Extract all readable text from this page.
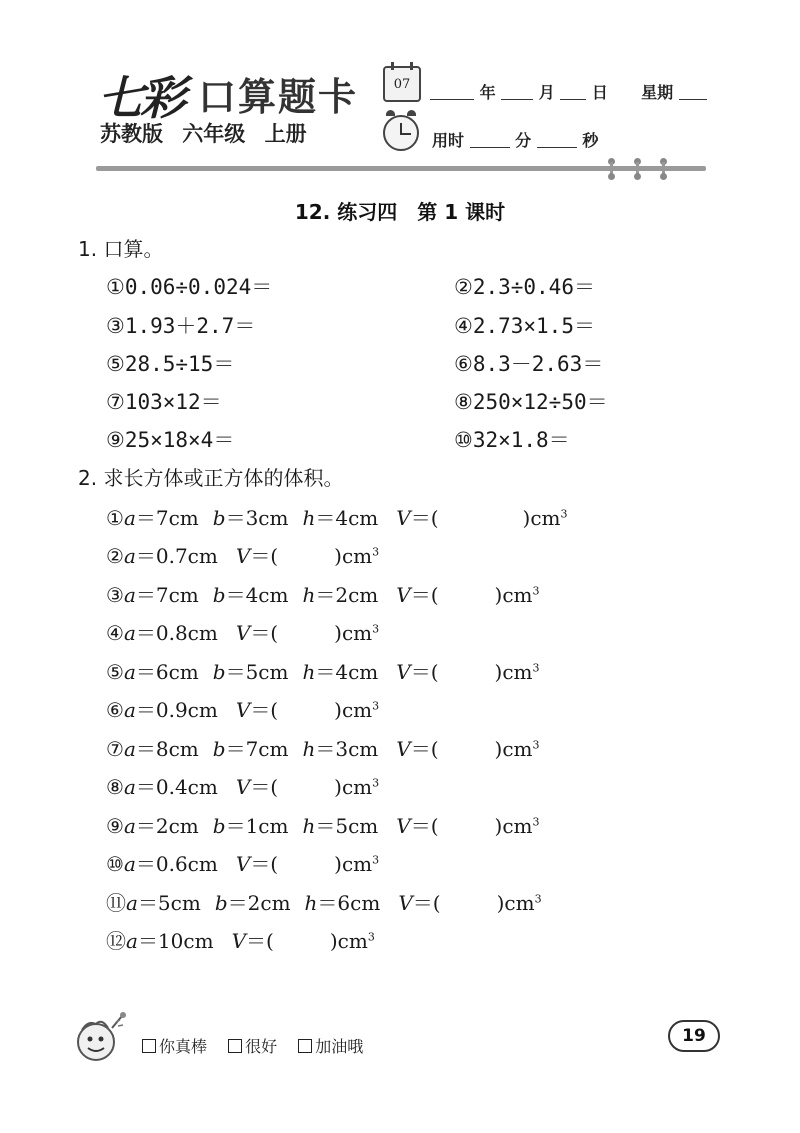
七彩 口算题卡
苏教版 六年级 上册
07	年	月 日 星期
用时	分	秒
12. 练习四　第 1 课时
1. 口算。
①0.06÷0.024＝	②2.3÷0.46＝
③1.93＋2.7＝	④2.73×1.5＝
⑤28.5÷15＝	⑥8.3－2.63＝
⑦103×12＝	⑧250×12÷50＝
⑨25×18×4＝	⑩32×1.8＝
2. 求长方体或正方体的体积。
①a＝7cm b＝3cm h＝4cm V＝(	)$cm^3$
②a＝0.7cm V＝(	)$cm^3$
③a＝7cm b＝4cm h＝2cm V＝(	)$cm^3$
④a＝0.8cm V＝(	)$cm^3$
⑤a＝6cm b＝5cm h＝4cm V＝(	)$cm^3$
⑥a＝0.9cm V＝(	)$cm^3$
⑦a＝8cm b＝7cm h＝3cm V＝(	)$cm^3$
⑧a＝0.4cm V＝(	)$cm^3$
⑨a＝2cm b＝1cm h＝5cm V＝(	)$cm^3$
⑩a＝0.6cm V＝(	)$cm^3$
⑪a＝5cm b＝2cm h＝6cm V＝(	)$cm^3$
⑫a＝10cm V＝(	)$cm^3$
你真棒 很好 加油哦
19
